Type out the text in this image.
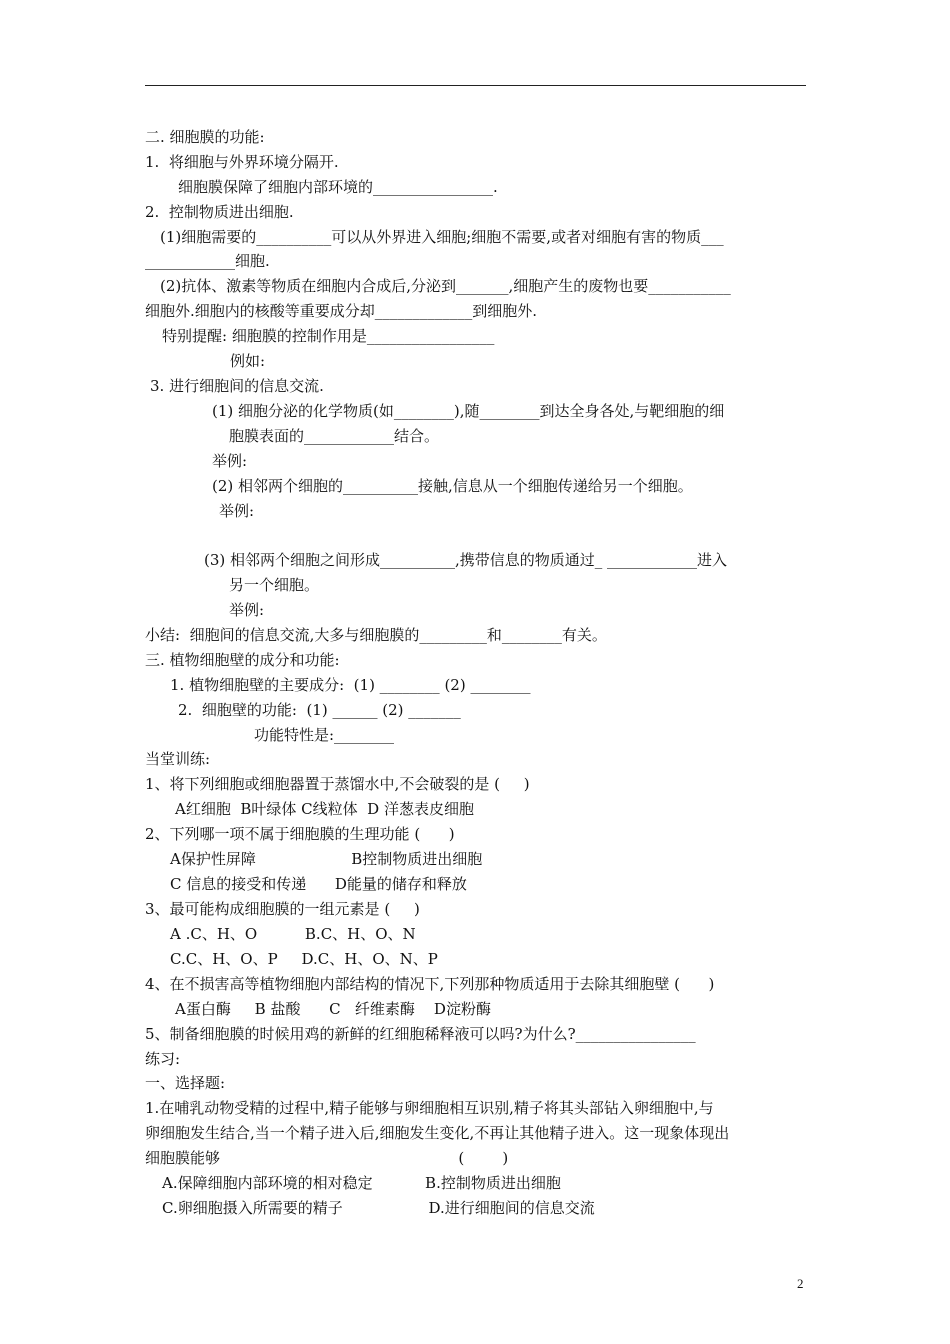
二. 细胞膜的功能:
1.  将细胞与外界环境分隔开.
细胞膜保障了细胞内部环境的________________.
2.  控制物质进出细胞.
(1)细胞需要的__________可以从外界进入细胞;细胞不需要,或者对细胞有害的物质___
____________细胞.
(2)抗体、激素等物质在细胞内合成后,分泌到_______,细胞产生的废物也要___________
细胞外.细胞内的核酸等重要成分却_____________到细胞外.
特别提醒: 细胞膜的控制作用是_________________
例如:
3. 进行细胞间的信息交流.
(1) 细胞分泌的化学物质(如________),随________到达全身各处,与靶细胞的细
胞膜表面的____________结合。
举例:
(2) 相邻两个细胞的__________接触,信息从一个细胞传递给另一个细胞。
举例:
(3) 相邻两个细胞之间形成__________,携带信息的物质通过_ ____________进入
另一个细胞。
举例:
小结:  细胞间的信息交流,大多与细胞膜的_________和________有关。
三. 植物细胞壁的成分和功能:
1. 植物细胞壁的主要成分:  (1) ________ (2) ________
2.  细胞壁的功能:  (1) ______ (2) _______
功能特性是:________
当堂训练:
1、将下列细胞或细胞器置于蒸馏水中,不会破裂的是 (     )
A红细胞  B叶绿体 C线粒体  D 洋葱表皮细胞
2、下列哪一项不属于细胞膜的生理功能 (      )
A保护性屏障                    B控制物质进出细胞
C 信息的接受和传递      D能量的储存和释放
3、最可能构成细胞膜的一组元素是 (     )
A .C、H、O          B.C、H、O、N
C.C、H、O、P     D.C、H、O、N、P
4、在不损害高等植物细胞内部结构的情况下,下列那种物质适用于去除其细胞壁 (      )
A蛋白酶     B 盐酸      C   纤维素酶    D淀粉酶
5、制备细胞膜的时候用鸡的新鲜的红细胞稀释液可以吗?为什么?________________
练习:
一、选择题:
1.在哺乳动物受精的过程中,精子能够与卵细胞相互识别,精子将其头部钻入卵细胞中,与
卵细胞发生结合,当一个精子进入后,细胞发生变化,不再让其他精子进入。这一现象体现出
细胞膜能够                                                  (        )
A.保障细胞内部环境的相对稳定           B.控制物质进出细胞
C.卵细胞摄入所需要的精子                  D.进行细胞间的信息交流
2
